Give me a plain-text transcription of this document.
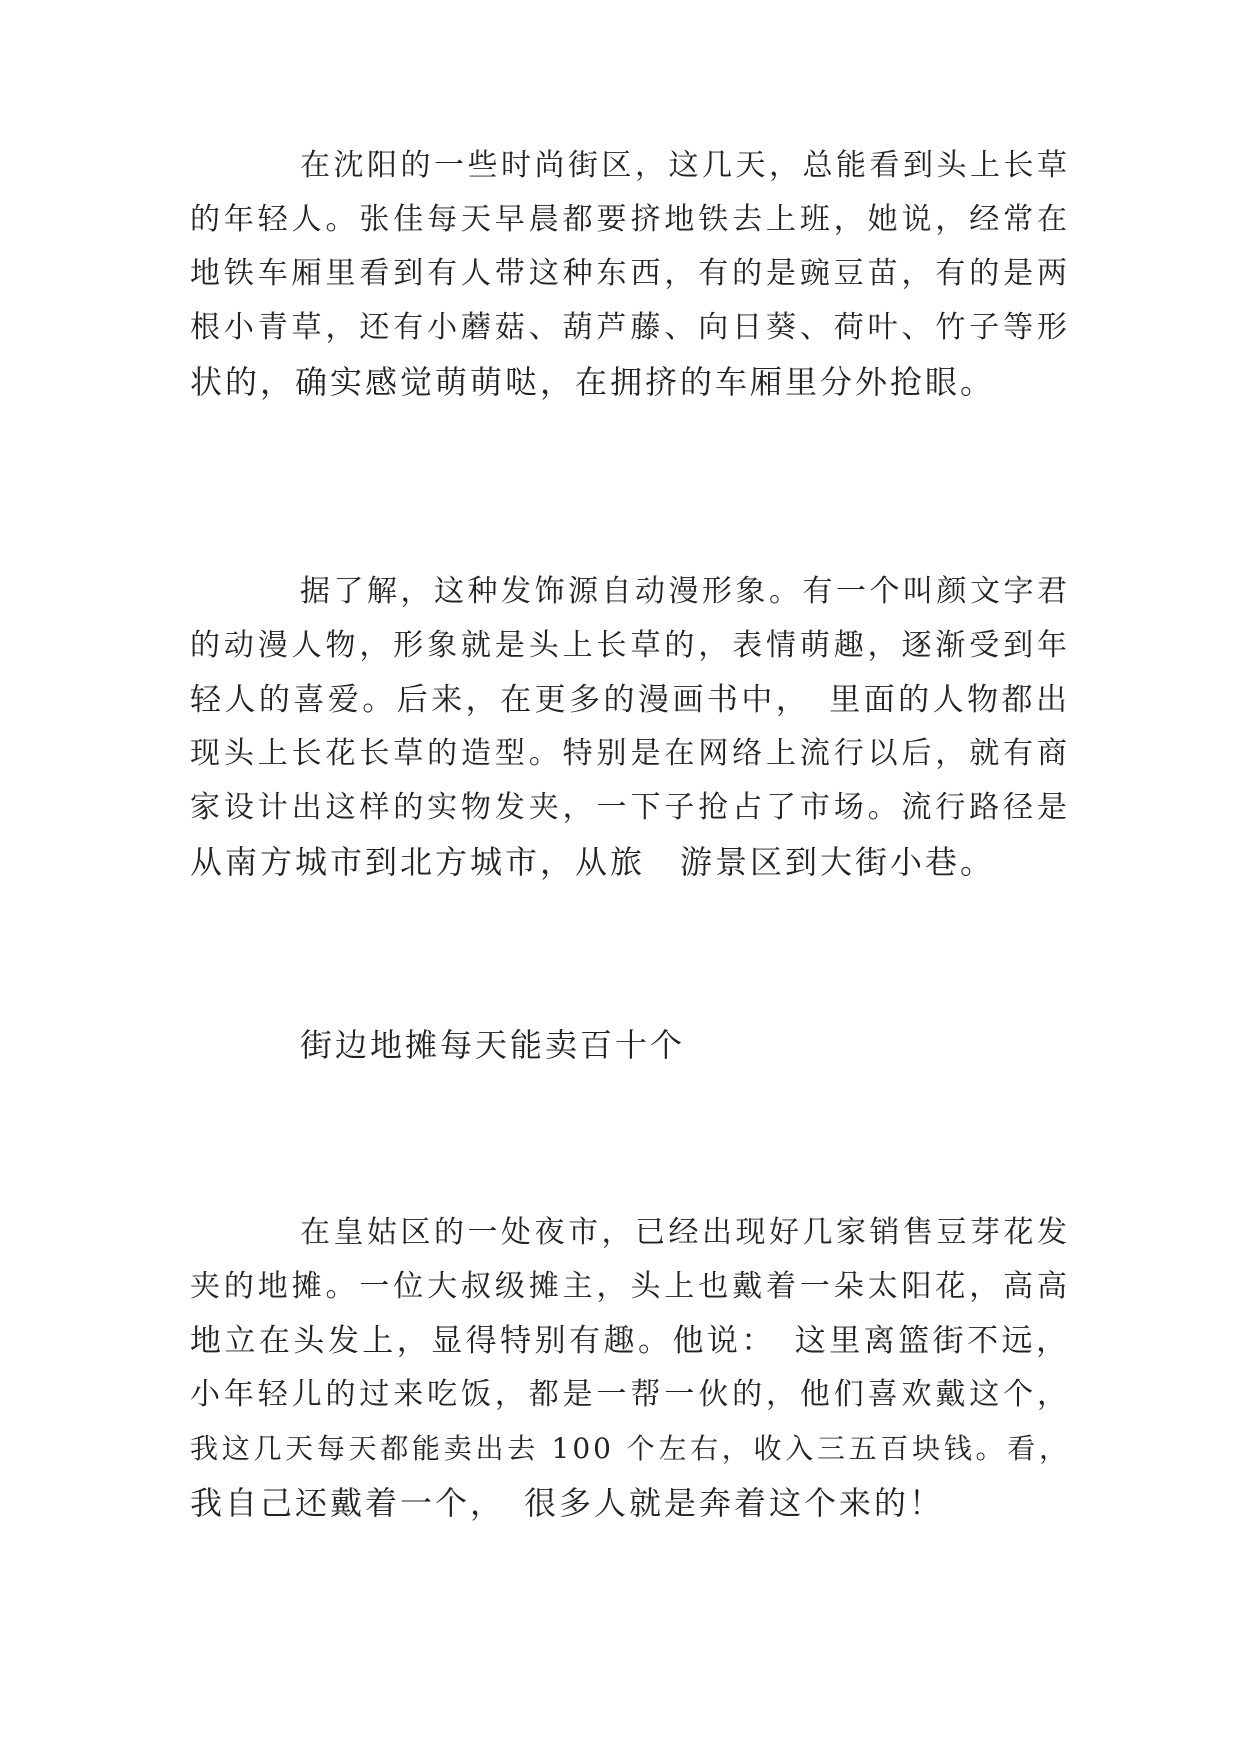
在沈阳的一些时尚街区，这几天，总能看到头上长草

的年轻人。张佳每天早晨都要挤地铁去上班，她说，经常在

地铁车厢里看到有人带这种东西，有的是豌豆苗，有的是两

根小青草，还有小蘑菇、葫芦藤、向日葵、荷叶、竹子等形

状的，确实感觉萌萌哒，在拥挤的车厢里分外抢眼。

据了解，这种发饰源自动漫形象。有一个叫颜文字君

的动漫人物，形象就是头上长草的，表情萌趣，逐渐受到年

轻人的喜爱。后来，在更多的漫画书中，　里面的人物都出

现头上长花长草的造型。特别是在网络上流行以后，就有商

家设计出这样的实物发夹，一下子抢占了市场。流行路径是

从南方城市到北方城市，从旅　游景区到大街小巷。

街边地摊每天能卖百十个

在皇姑区的一处夜市，已经出现好几家销售豆芽花发

夹的地摊。一位大叔级摊主，头上也戴着一朵太阳花，高高

地立在头发上，显得特别有趣。他说：　这里离篮街不远，

小年轻儿的过来吃饭，都是一帮一伙的，他们喜欢戴这个，

我这几天每天都能卖出去 100 个左右，收入三五百块钱。看，

我自己还戴着一个，　很多人就是奔着这个来的！
